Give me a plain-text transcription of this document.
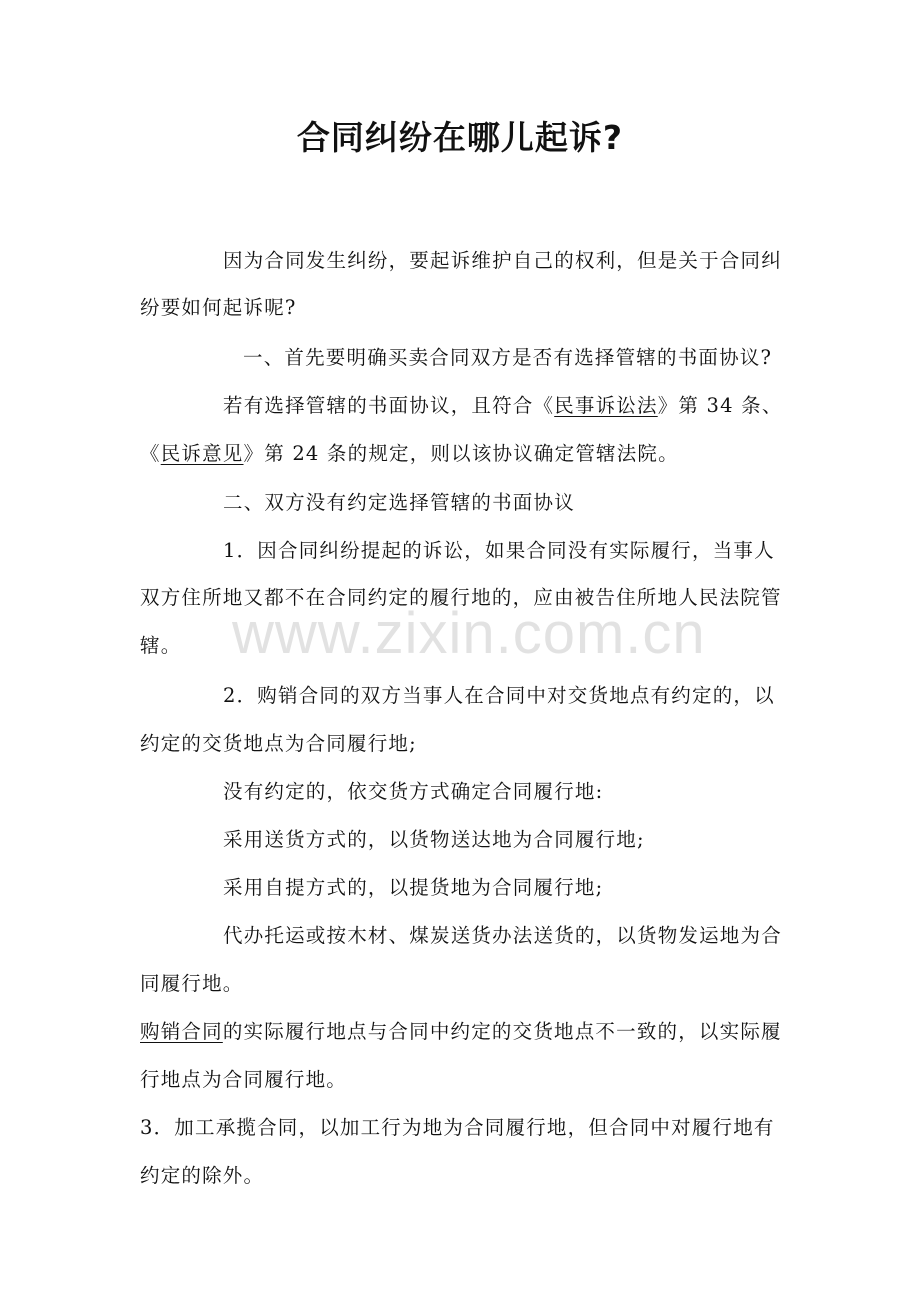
合同纠纷在哪儿起诉?
因为合同发生纠纷，要起诉维护自己的权利，但是关于合同纠
纷要如何起诉呢?
一、首先要明确买卖合同双方是否有选择管辖的书面协议?
若有选择管辖的书面协议，且符合《民事诉讼法》第 34 条、
《民诉意见》第 24 条的规定，则以该协议确定管辖法院。
二、双方没有约定选择管辖的书面协议
1．因合同纠纷提起的诉讼，如果合同没有实际履行，当事人
双方住所地又都不在合同约定的履行地的，应由被告住所地人民法院管
辖。
2．购销合同的双方当事人在合同中对交货地点有约定的，以
约定的交货地点为合同履行地;
没有约定的，依交货方式确定合同履行地:
采用送货方式的，以货物送达地为合同履行地;
采用自提方式的，以提货地为合同履行地;
代办托运或按木材、煤炭送货办法送货的，以货物发运地为合
同履行地。
购销合同的实际履行地点与合同中约定的交货地点不一致的，以实际履
行地点为合同履行地。
3．加工承揽合同，以加工行为地为合同履行地，但合同中对履行地有
约定的除外。
www.zixin.com.cn
